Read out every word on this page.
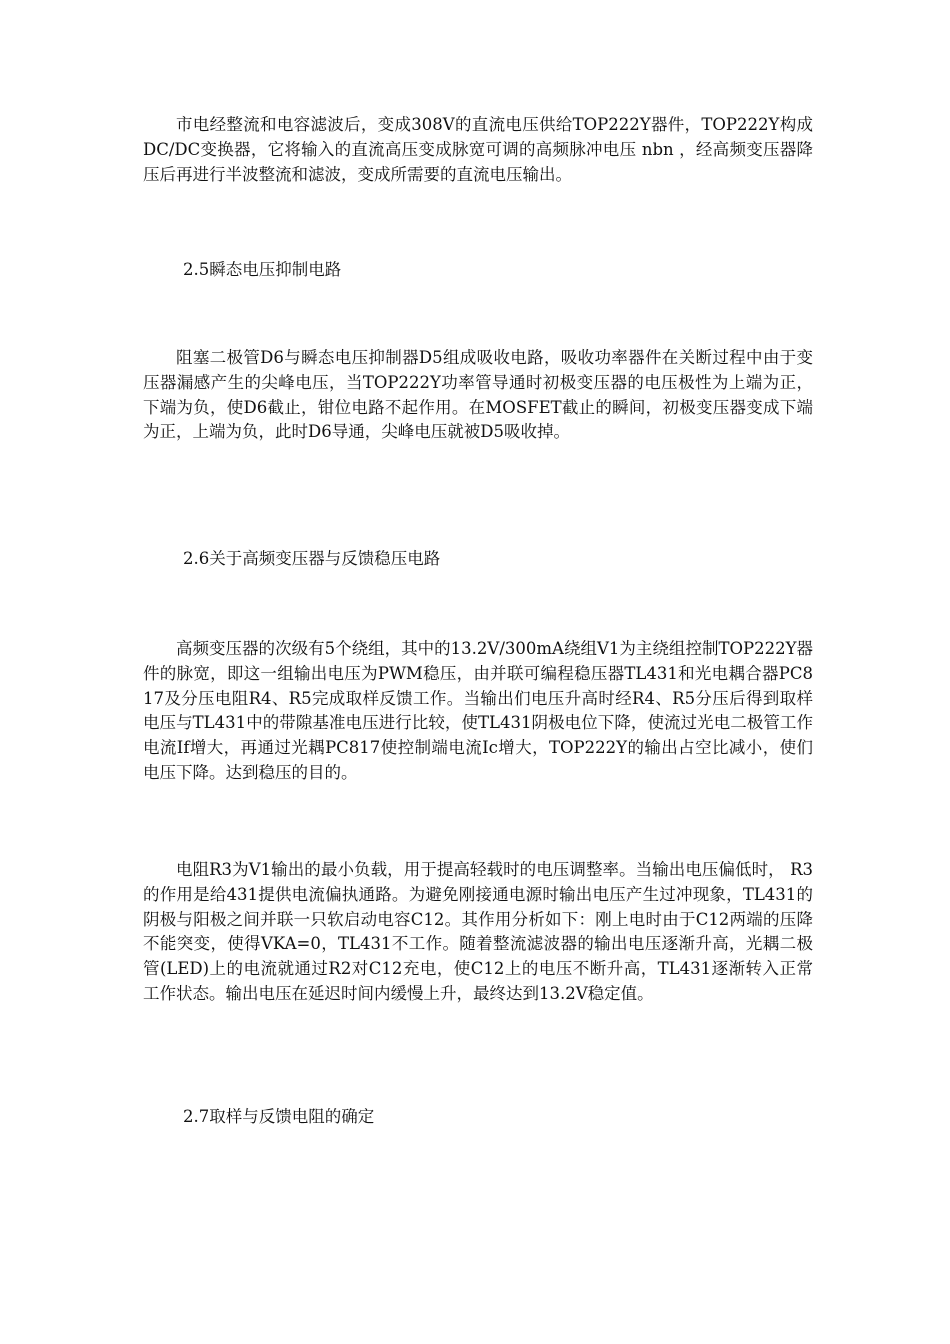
市电经整流和电容滤波后，变成308V的直流电压供给TOP222Y器件，TOP222Y构成DC/DC变换器，它将输入的直流高压变成脉宽可调的高频脉冲电压 nbn ，经高频变压器降压后再进行半波整流和滤波，变成所需要的直流电压输出。

2.5瞬态电压抑制电路

阻塞二极管D6与瞬态电压抑制器D5组成吸收电路，吸收功率器件在关断过程中由于变压器漏感产生的尖峰电压，当TOP222Y功率管导通时初极变压器的电压极性为上端为正，下端为负，使D6截止，钳位电路不起作用。在MOSFET截止的瞬间，初极变压器变成下端为正，上端为负，此时D6导通，尖峰电压就被D5吸收掉。

2.6关于高频变压器与反馈稳压电路

高频变压器的次级有5个绕组，其中的13.2V/300mA绕组V1为主绕组控制TOP222Y器件的脉宽，即这一组输出电压为PWM稳压，由并联可编程稳压器TL431和光电耦合器PC817及分压电阻R4、R5完成取样反馈工作。当输出们电压升高时经R4、R5分压后得到取样电压与TL431中的带隙基准电压进行比较，使TL431阴极电位下降，使流过光电二极管工作电流If增大，再通过光耦PC817使控制端电流Ic增大，TOP222Y的输出占空比减小，使们电压下降。达到稳压的目的。

电阻R3为V1输出的最小负载，用于提高轻载时的电压调整率。当输出电压偏低时， R3的作用是给431提供电流偏执通路。为避免刚接通电源时输出电压产生过冲现象，TL431的阴极与阳极之间并联一只软启动电容C12。其作用分析如下：刚上电时由于C12两端的压降不能突变，使得VKA=0，TL431不工作。随着整流滤波器的输出电压逐渐升高，光耦二极管(LED)上的电流就通过R2对C12充电，使C12上的电压不断升高，TL431逐渐转入正常工作状态。输出电压在延迟时间内缓慢上升，最终达到13.2V稳定值。

2.7取样与反馈电阻的确定
